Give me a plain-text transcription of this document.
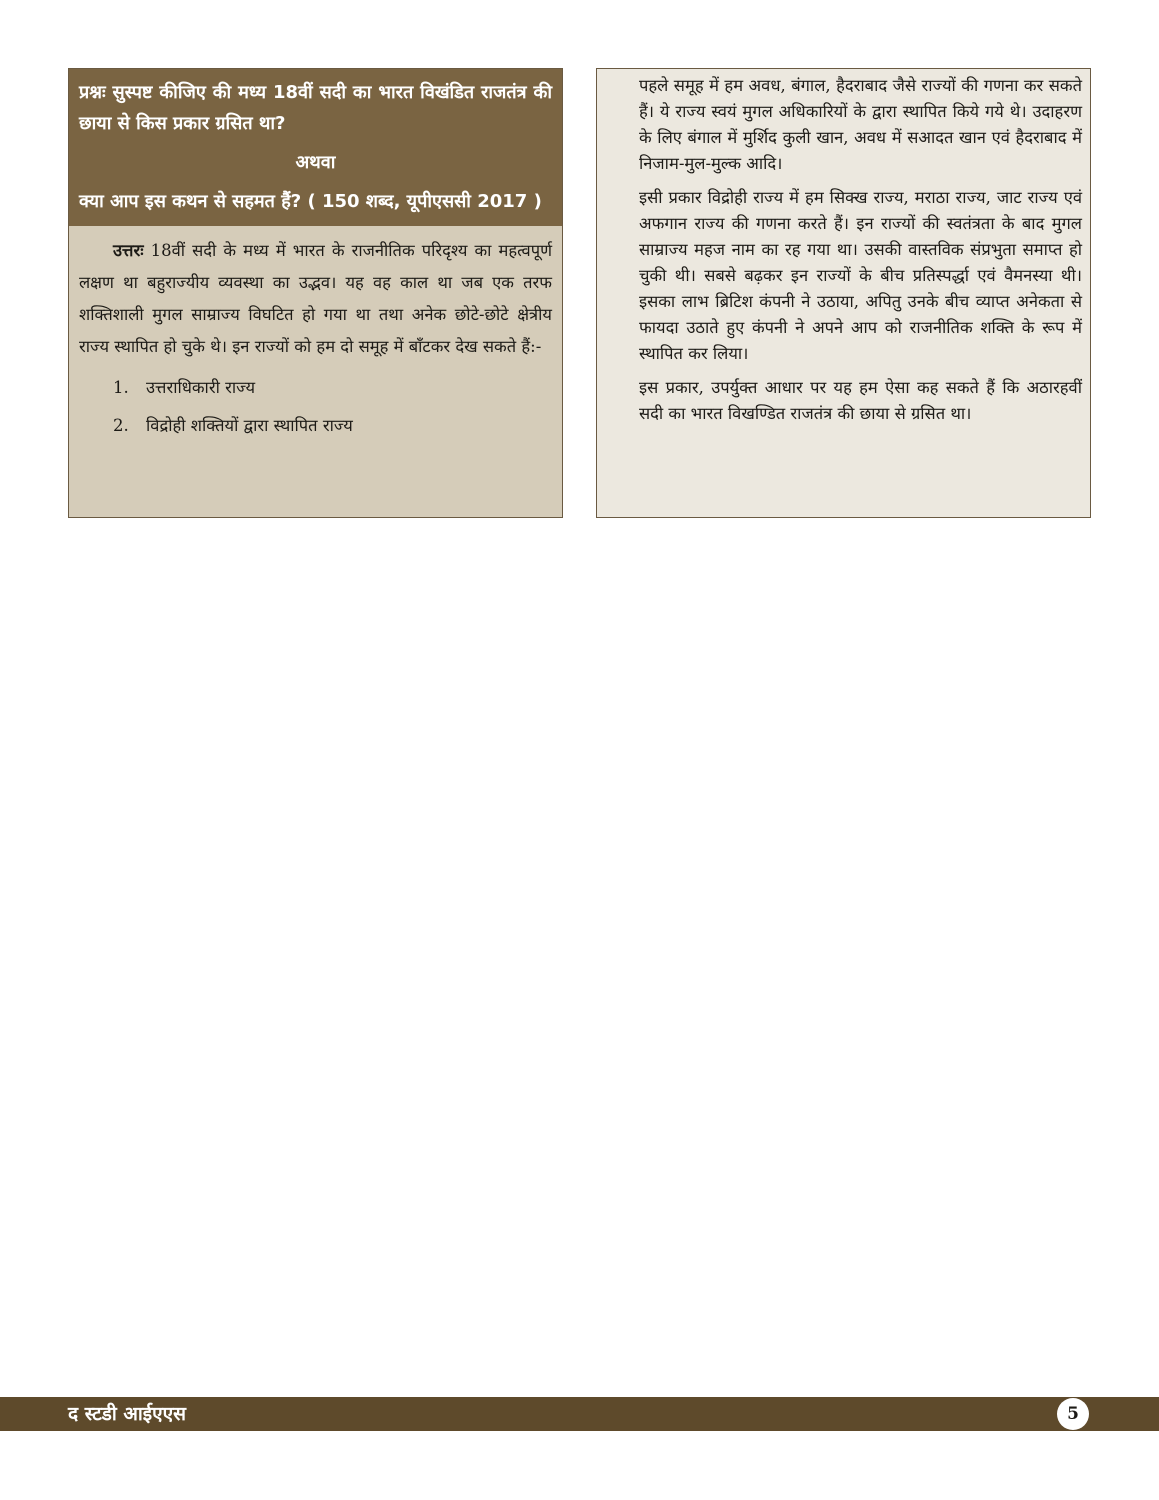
प्रश्नः सुस्पष्ट कीजिए की मध्य 18वीं सदी का भारत विखंडित राजतंत्र की छाया से किस प्रकार ग्रसित था?

अथवा

क्या आप इस कथन से सहमत हैं? ( 150 शब्द, यूपीएससी 2017 )

उत्तरः 18वीं सदी के मध्य में भारत के राजनीतिक परिदृश्य का महत्वपूर्ण लक्षण था बहुराज्यीय व्यवस्था का उद्भव। यह वह काल था जब एक तरफ शक्तिशाली मुगल साम्राज्य विघटित हो गया था तथा अनेक छोटे-छोटे क्षेत्रीय राज्य स्थापित हो चुके थे। इन राज्यों को हम दो समूह में बाँटकर देख सकते हैं:-

1.	उत्तराधिकारी राज्य
2.	विद्रोही शक्तियों द्वारा स्थापित राज्य

पहले समूह में हम अवध, बंगाल, हैदराबाद जैसे राज्यों की गणना कर सकते हैं। ये राज्य स्वयं मुगल अधिकारियों के द्वारा स्थापित किये गये थे। उदाहरण के लिए बंगाल में मुर्शिद कुली खान, अवध में सआदत खान एवं हैदराबाद में निजाम-मुल-मुल्क आदि।

इसी प्रकार विद्रोही राज्य में हम सिक्ख राज्य, मराठा राज्य, जाट राज्य एवं अफगान राज्य की गणना करते हैं। इन राज्यों की स्वतंत्रता के बाद मुगल साम्राज्य महज नाम का रह गया था। उसकी वास्तविक संप्रभुता समाप्त हो चुकी थी। सबसे बढ़कर इन राज्यों के बीच प्रतिस्पर्द्धा एवं वैमनस्या थी। इसका लाभ ब्रिटिश कंपनी ने उठाया, अपितु उनके बीच व्याप्त अनेकता से फायदा उठाते हुए कंपनी ने अपने आप को राजनीतिक शक्ति के रूप में स्थापित कर लिया।

इस प्रकार, उपर्युक्त आधार पर यह हम ऐसा कह सकते हैं कि अठारहवीं सदी का भारत विखण्डित राजतंत्र की छाया से ग्रसित था।

द स्टडी आईएएस	5
